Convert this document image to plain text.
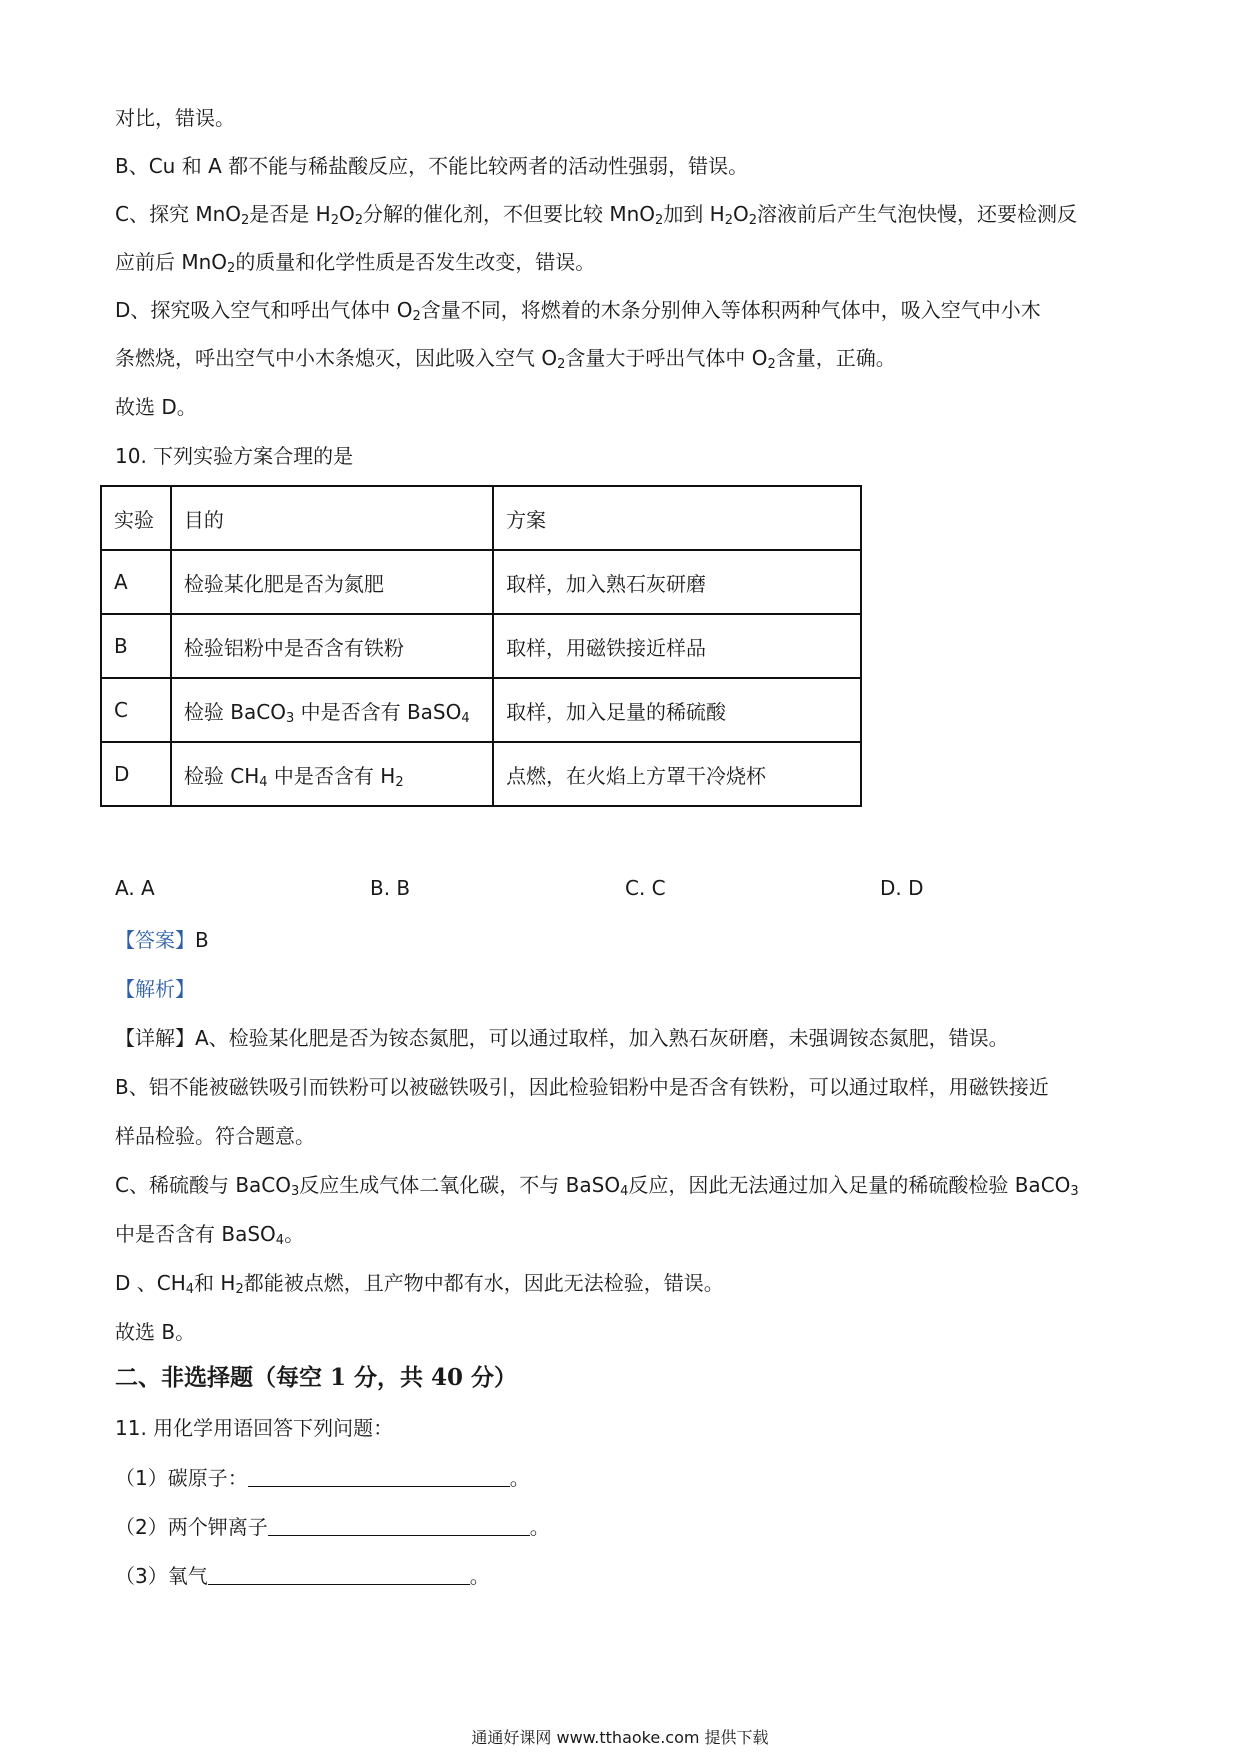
对比，错误。
B、Cu 和 A 都不能与稀盐酸反应，不能比较两者的活动性强弱，错误。
C、探究 MnO$_2$是否是 $H_2O_2$分解的催化剂，不但要比较 MnO$_2$加到 $H_2O_2$溶液前后产生气泡快慢，还要检测反
应前后 MnO$_2$的质量和化学性质是否发生改变，错误。
D、探究吸入空气和呼出气体中 $O_2$含量不同，将燃着的木条分别伸入等体积两种气体中，吸入空气中小木
条燃烧，呼出空气中小木条熄灭，因此吸入空气 $O_2$含量大于呼出气体中 $O_2$含量，正确。
故选 D。
10. 下列实验方案合理的是
实验	目的	方案
A	检验某化肥是否为氮肥	取样，加入熟石灰研磨
B	检验铝粉中是否含有铁粉	取样，用磁铁接近样品
C	检验 BaCO$_3$ 中是否含有 BaSO$_4$	取样，加入足量的稀硫酸
D	检验 $CH_4$ 中是否含有 $H_2$	点燃，在火焰上方罩干冷烧杯
A. A	B. B	C. C	D. D
【答案】B
【解析】
【详解】A、检验某化肥是否为铵态氮肥，可以通过取样，加入熟石灰研磨，未强调铵态氮肥，错误。
B、铝不能被磁铁吸引而铁粉可以被磁铁吸引，因此检验铝粉中是否含有铁粉，可以通过取样，用磁铁接近
样品检验。符合题意。
C、稀硫酸与 BaCO$_3$反应生成气体二氧化碳，不与 BaSO$_4$反应，因此无法通过加入足量的稀硫酸检验 BaCO$_3$
中是否含有 BaSO$_4$。
D 、$CH_4$和 $H_2$都能被点燃，且产物中都有水，因此无法检验，错误。
故选 B。
二、非选择题（每空 1 分，共 40 分）
11. 用化学用语回答下列问题：
（1）碳原子：	。
（2）两个钾离子	。
（3）氧气	。
通通好课网 www.tthaoke.com 提供下载
